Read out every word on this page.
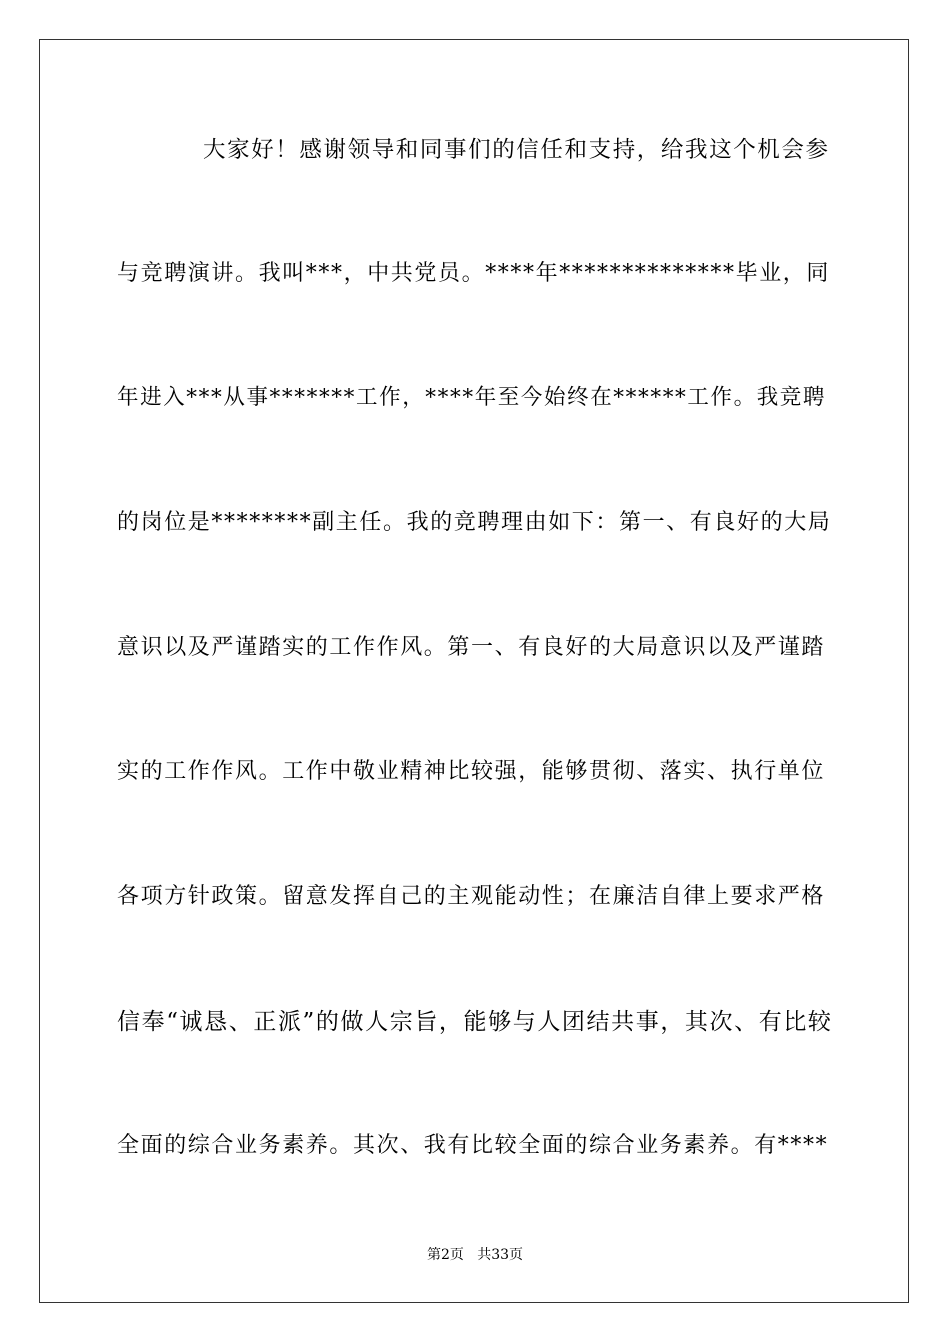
大家好！感谢领导和同事们的信任和支持，给我这个机会参
与竞聘演讲。我叫***，中共党员。****年**************毕业，同
年进入***从事*******工作，****年至今始终在******工作。我竞聘
的岗位是********副主任。我的竞聘理由如下：第一、有良好的大局
意识以及严谨踏实的工作作风。第一、有良好的大局意识以及严谨踏
实的工作作风。工作中敬业精神比较强，能够贯彻、落实、执行单位
各项方针政策。留意发挥自己的主观能动性；在廉洁自律上要求严格
信奉“诚恳、正派”的做人宗旨，能够与人团结共事，其次、有比较
全面的综合业务素养。其次、我有比较全面的综合业务素养。有****
第2页   共33页
